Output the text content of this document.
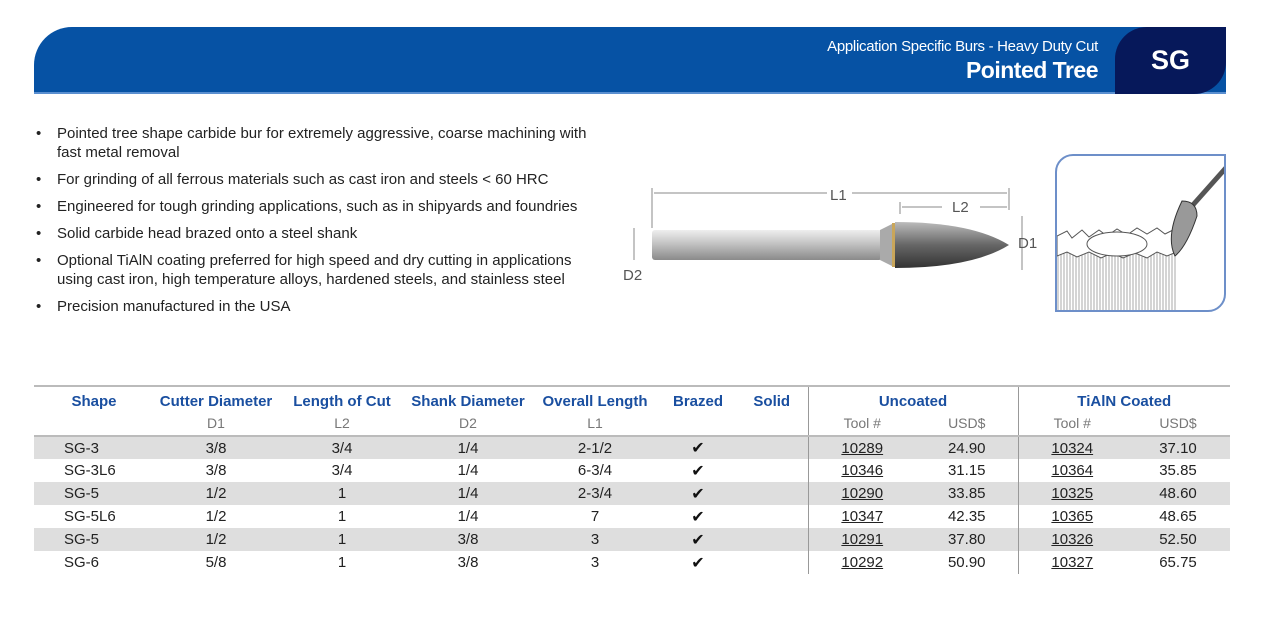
Application Specific Burs - Heavy Duty Cut
Pointed Tree	SG
• Pointed tree shape carbide bur for extremely aggressive, coarse machining with fast metal removal
• For grinding of all ferrous materials such as cast iron and steels < 60 HRC
• Engineered for tough grinding applications, such as in shipyards and foundries
• Solid carbide head brazed onto a steel shank
• Optional TiAlN coating preferred for high speed and dry cutting in applications using cast iron, high temperature alloys, hardened steels, and stainless steel
• Precision manufactured in the USA
L1
L2
D1
D2
Shape	Cutter Diameter	Length of Cut	Shank Diameter	Overall Length	Brazed	Solid	Uncoated		TiAlN Coated	
	D1	L2	D2	L1			Tool #	USD$	Tool #	USD$
SG-3	3/8	3/4	1/4	2-1/2	✔		10289	24.90	10324	37.10
SG-3L6	3/8	3/4	1/4	6-3/4	✔		10346	31.15	10364	35.85
SG-5	1/2	1	1/4	2-3/4	✔		10290	33.85	10325	48.60
SG-5L6	1/2	1	1/4	7	✔		10347	42.35	10365	48.65
SG-5	1/2	1	3/8	3	✔		10291	37.80	10326	52.50
SG-6	5/8	1	3/8	3	✔		10292	50.90	10327	65.75
